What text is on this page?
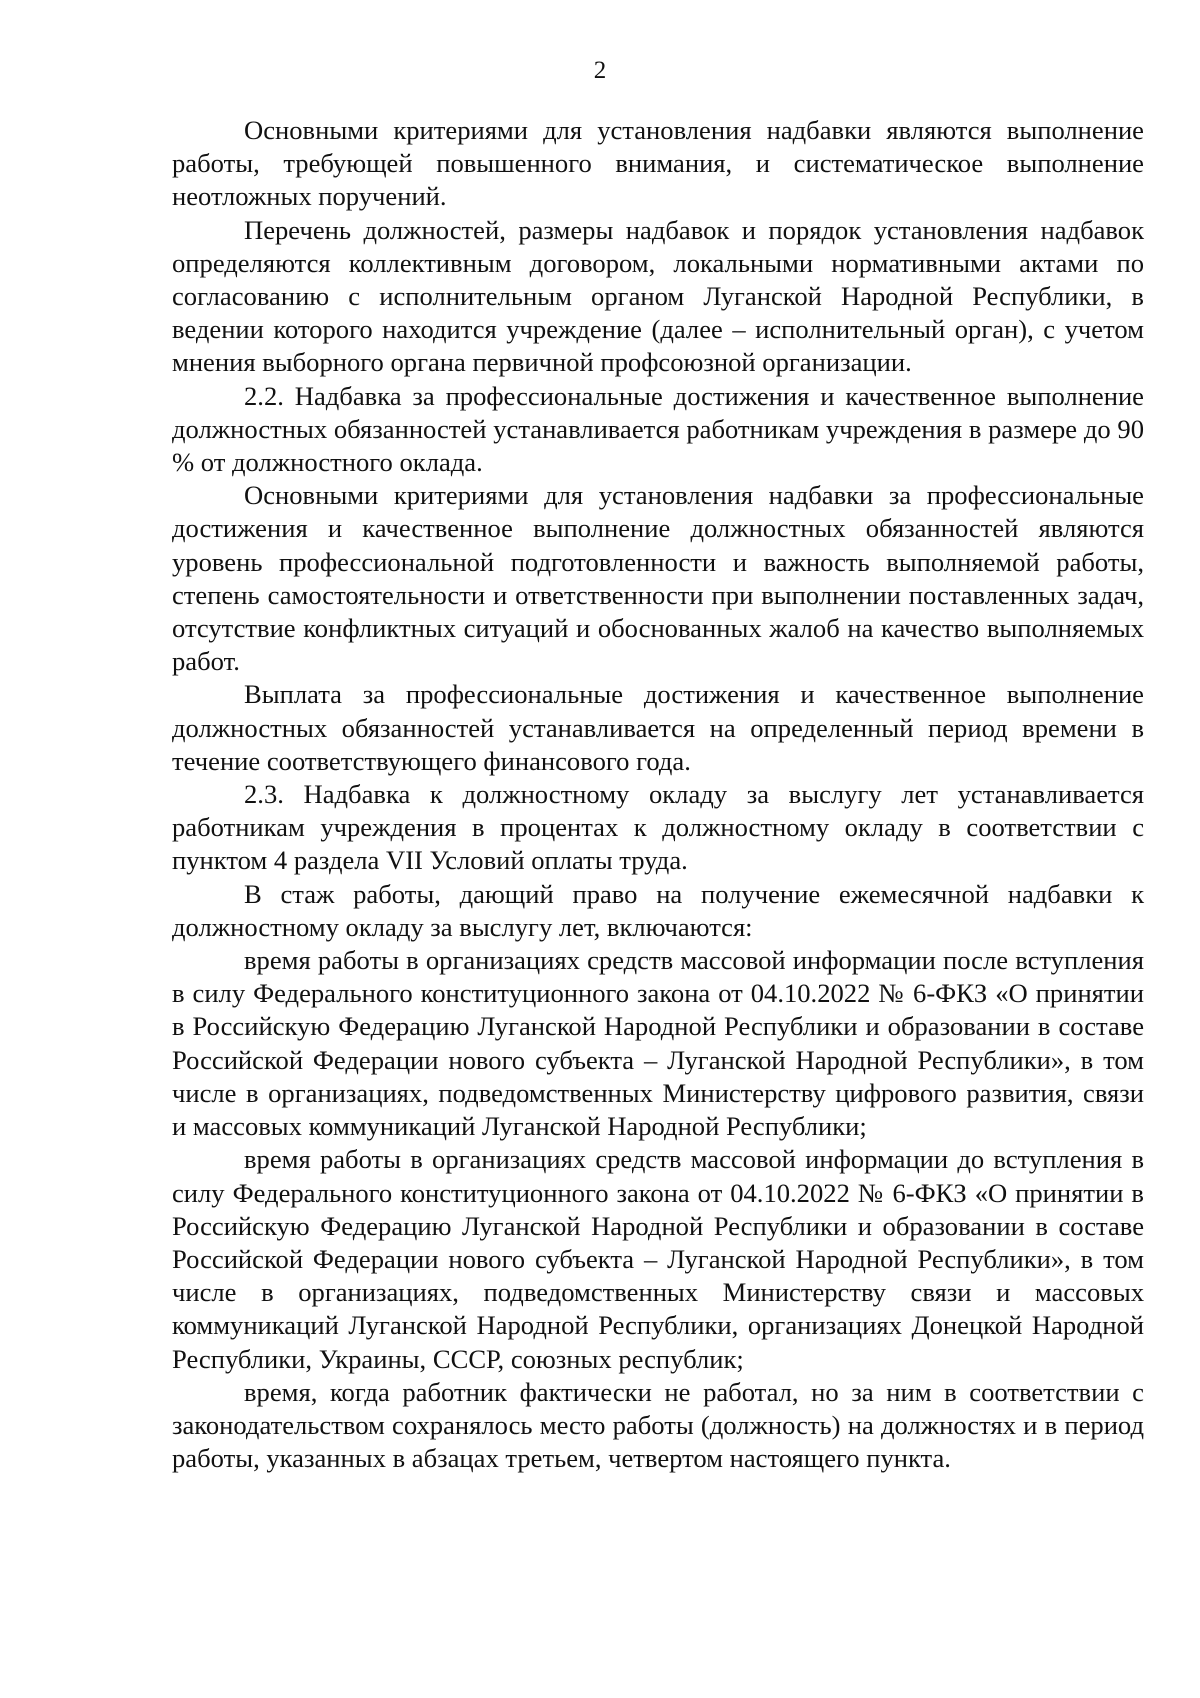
2

Основными критериями для установления надбавки являются выполнение работы, требующей повышенного внимания, и систематическое выполнение неотложных поручений.

Перечень должностей, размеры надбавок и порядок установления надбавок определяются коллективным договором, локальными нормативными актами по согласованию с исполнительным органом Луганской Народной Республики, в ведении которого находится учреждение (далее – исполнительный орган), с учетом мнения выборного органа первичной профсоюзной организации.

2.2. Надбавка за профессиональные достижения и качественное выполнение должностных обязанностей устанавливается работникам учреждения в размере до 90 % от должностного оклада.

Основными критериями для установления надбавки за профессиональные достижения и качественное выполнение должностных обязанностей являются уровень профессиональной подготовленности и важность выполняемой работы, степень самостоятельности и ответственности при выполнении поставленных задач, отсутствие конфликтных ситуаций и обоснованных жалоб на качество выполняемых работ.

Выплата за профессиональные достижения и качественное выполнение должностных обязанностей устанавливается на определенный период времени в течение соответствующего финансового года.

2.3. Надбавка к должностному окладу за выслугу лет устанавливается работникам учреждения в процентах к должностному окладу в соответствии с пунктом 4 раздела VII Условий оплаты труда.

В стаж работы, дающий право на получение ежемесячной надбавки к должностному окладу за выслугу лет, включаются:

время работы в организациях средств массовой информации после вступления в силу Федерального конституционного закона от 04.10.2022 № 6-ФКЗ «О принятии в Российскую Федерацию Луганской Народной Республики и образовании в составе Российской Федерации нового субъекта – Луганской Народной Республики», в том числе в организациях, подведомственных Министерству цифрового развития, связи и массовых коммуникаций Луганской Народной Республики;

время работы в организациях средств массовой информации до вступления в силу Федерального конституционного закона от 04.10.2022 № 6-ФКЗ «О принятии в Российскую Федерацию Луганской Народной Республики и образовании в составе Российской Федерации нового субъекта – Луганской Народной Республики», в том числе в организациях, подведомственных Министерству связи и массовых коммуникаций Луганской Народной Республики, организациях Донецкой Народной Республики, Украины, СССР, союзных республик;

время, когда работник фактически не работал, но за ним в соответствии с законодательством сохранялось место работы (должность) на должностях и в период работы, указанных в абзацах третьем, четвертом настоящего пункта.
